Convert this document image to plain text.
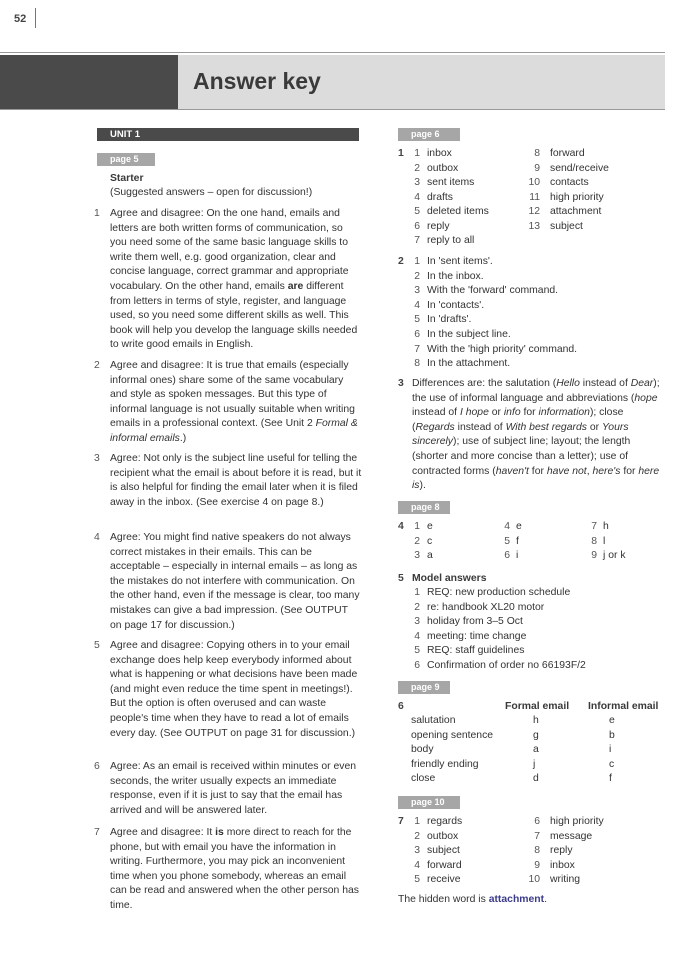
52
Answer key
UNIT 1
page 5
Starter
(Suggested answers – open for discussion!)
1 Agree and disagree: On the one hand, emails and letters are both written forms of communication, so you need some of the same basic language skills to write them well, e.g. good organization, clear and concise language, correct grammar and appropriate vocabulary. On the other hand, emails are different from letters in terms of style, register, and language used, so you need some different skills as well. This book will help you develop the language skills needed to write good emails in English.
2 Agree and disagree: It is true that emails (especially informal ones) share some of the same vocabulary and style as spoken messages. But this type of informal language is not usually suitable when writing emails in a professional context. (See Unit 2 Formal & informal emails.)
3 Agree: Not only is the subject line useful for telling the recipient what the email is about before it is read, but it is also helpful for finding the email later when it is filed away in the inbox. (See exercise 4 on page 8.)
4 Agree: You might find native speakers do not always correct mistakes in their emails. This can be acceptable – especially in internal emails – as long as the mistakes do not interfere with communication. On the other hand, even if the message is clear, too many mistakes can give a bad impression. (See OUTPUT on page 17 for discussion.)
5 Agree and disagree: Copying others in to your email exchange does help keep everybody informed about what is happening or what decisions have been made (and might even reduce the time spent in meetings!). But the option is often overused and can waste people's time when they have to read a lot of emails every day. (See OUTPUT on page 31 for discussion.)
6 Agree: As an email is received within minutes or even seconds, the writer usually expects an immediate response, even if it is just to say that the email has arrived and will be answered later.
7 Agree and disagree: It is more direct to reach for the phone, but with email you have the information in writing. Furthermore, you may pick an inconvenient time when you phone somebody, whereas an email can be read and answered when the other person has time.
page 6
1	1 inbox
2 outbox
3 sent items
4 drafts
5 deleted items
6 reply
7 reply to all
8 forward
9 send/receive
10 contacts
11 high priority
12 attachment
13 subject
2	1 In 'sent items'.
2 In the inbox.
3 With the 'forward' command.
4 In 'contacts'.
5 In 'drafts'.
6 In the subject line.
7 With the 'high priority' command.
8 In the attachment.
3 Differences are: the salutation (Hello instead of Dear); the use of informal language and abbreviations (hope instead of I hope or info for information); close (Regards instead of With best regards or Yours sincerely); use of subject line; layout; the length (shorter and more concise than a letter); use of contracted forms (haven't for have not, here's for here is).
page 8
4	1 e
2 c
3 a
4 e
5 f
6 i
7 h
8 l
9 j or k
5 Model answers
1 REQ: new production schedule
2 re: handbook XL20 motor
3 holiday from 3–5 Oct
4 meeting: time change
5 REQ: staff guidelines
6 Confirmation of order no 66193F/2
page 9
6	Formal email Informal email
salutation	h	e
opening sentence	g	b
body	a	i
friendly ending	j	c
close	d	f
page 10
7	1 regards
2 outbox
3 subject
4 forward
5 receive
6 high priority
7 message
8 reply
9 inbox
10 writing
The hidden word is attachment.
